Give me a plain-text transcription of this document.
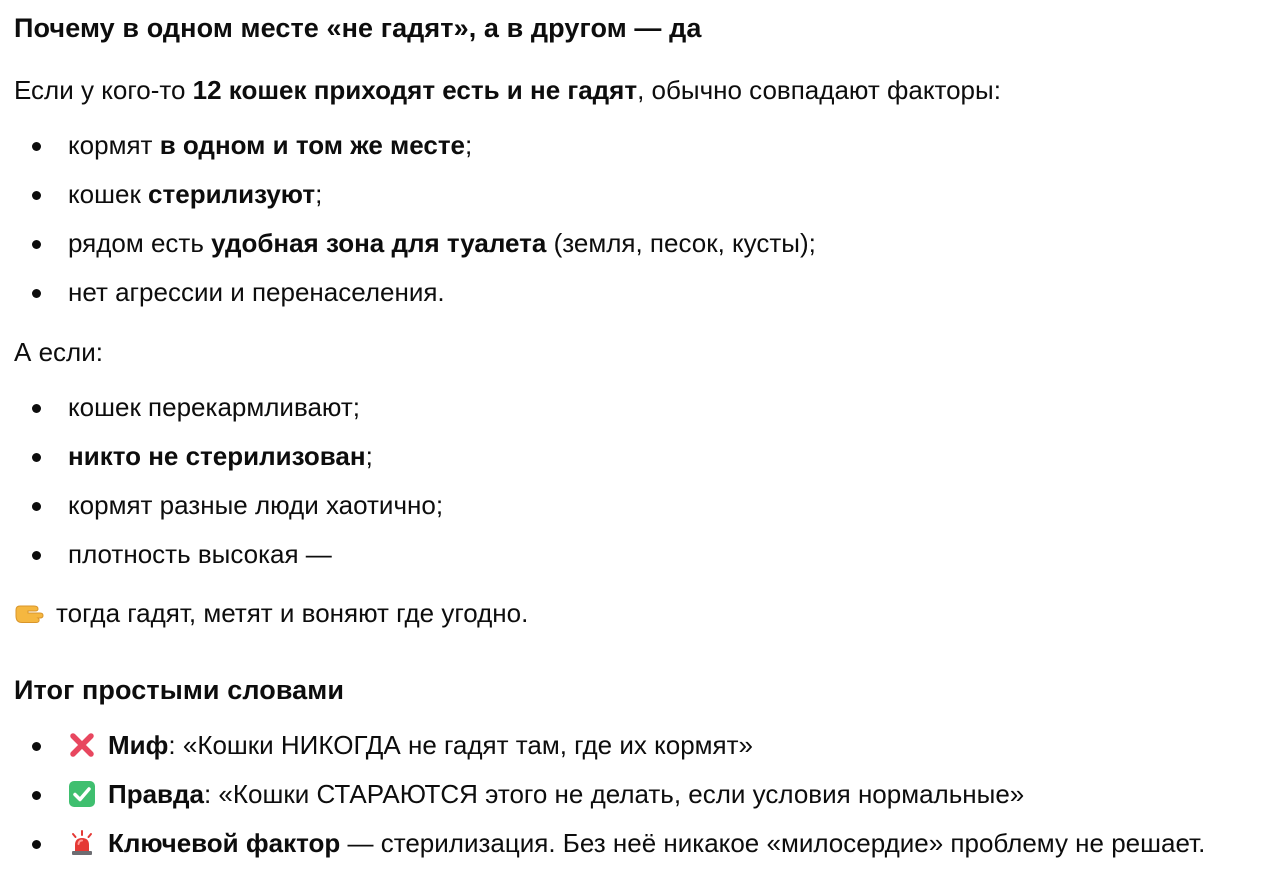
Почему в одном месте «не гадят», а в другом — да

Если у кого-то 12 кошек приходят есть и не гадят, обычно совпадают факторы:

кормят в одном и том же месте;
кошек стерилизуют;
рядом есть удобная зона для туалета (земля, песок, кусты);
нет агрессии и перенаселения.

А если:

кошек перекармливают;
никто не стерилизован;
кормят разные люди хаотично;
плотность высокая —

тогда гадят, метят и воняют где угодно.

Итог простыми словами
Миф: «Кошки НИКОГДА не гадят там, где их кормят»
Правда: «Кошки СТАРАЮТСЯ этого не делать, если условия нормальные»
Ключевой фактор — стерилизация. Без неё никакое «милосердие» проблему не решает.
